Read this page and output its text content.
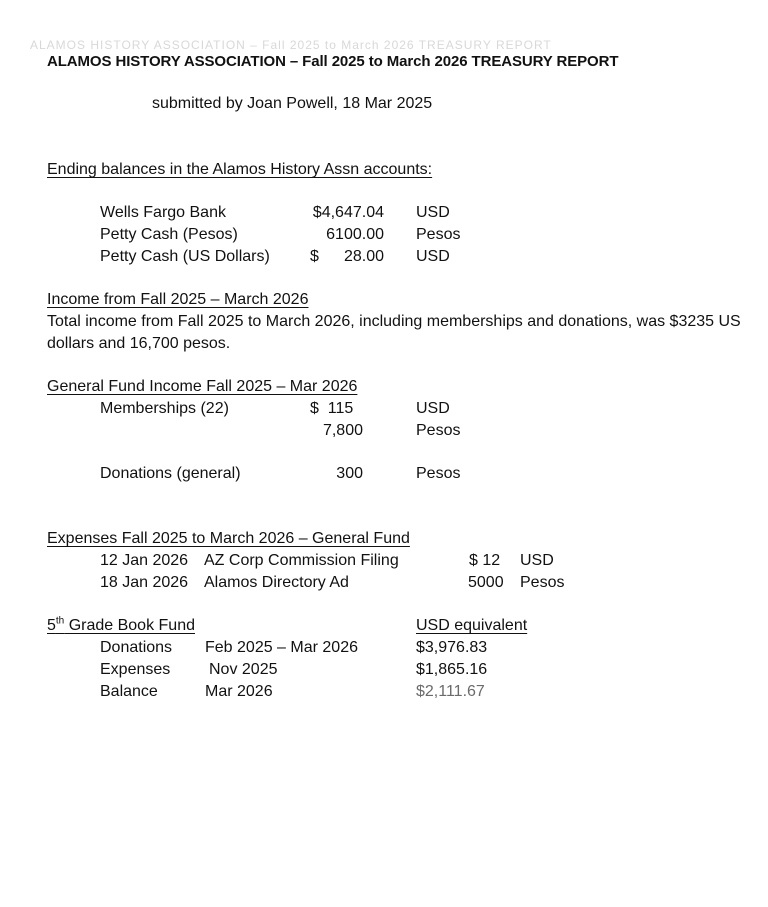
ALAMOS HISTORY ASSOCIATION – Fall 2025 to March 2026 TREASURY REPORT
ALAMOS HISTORY ASSOCIATION – Fall 2025 to March 2026 TREASURY REPORT
submitted by Joan Powell, 18 Mar 2025
Ending balances in the Alamos History Assn accounts:
Wells Fargo Bank	$4,647.04 USD
Petty Cash (Pesos)	6100.00 Pesos
Petty Cash (US Dollars)	$	28.00 USD
Income from Fall 2025 – March 2026
Total income from Fall 2025 to March 2026, including memberships and donations, was $3235 US
dollars and 16,700 pesos.
General Fund Income Fall 2025 – Mar 2026
Memberships (22)	$  115	USD
7,800	Pesos
Donations (general)	300	Pesos
Expenses Fall 2025 to March 2026 – General Fund
12 Jan 2026 AZ Corp Commission Filing	$ 12 USD
18 Jan 2026 Alamos Directory Ad	5000 Pesos
5th Grade Book Fund	USD equivalent
Donations Feb 2025 – Mar 2026	$3,976.83
Expenses Nov 2025	$1,865.16
Balance	Mar 2026	$2,111.67
